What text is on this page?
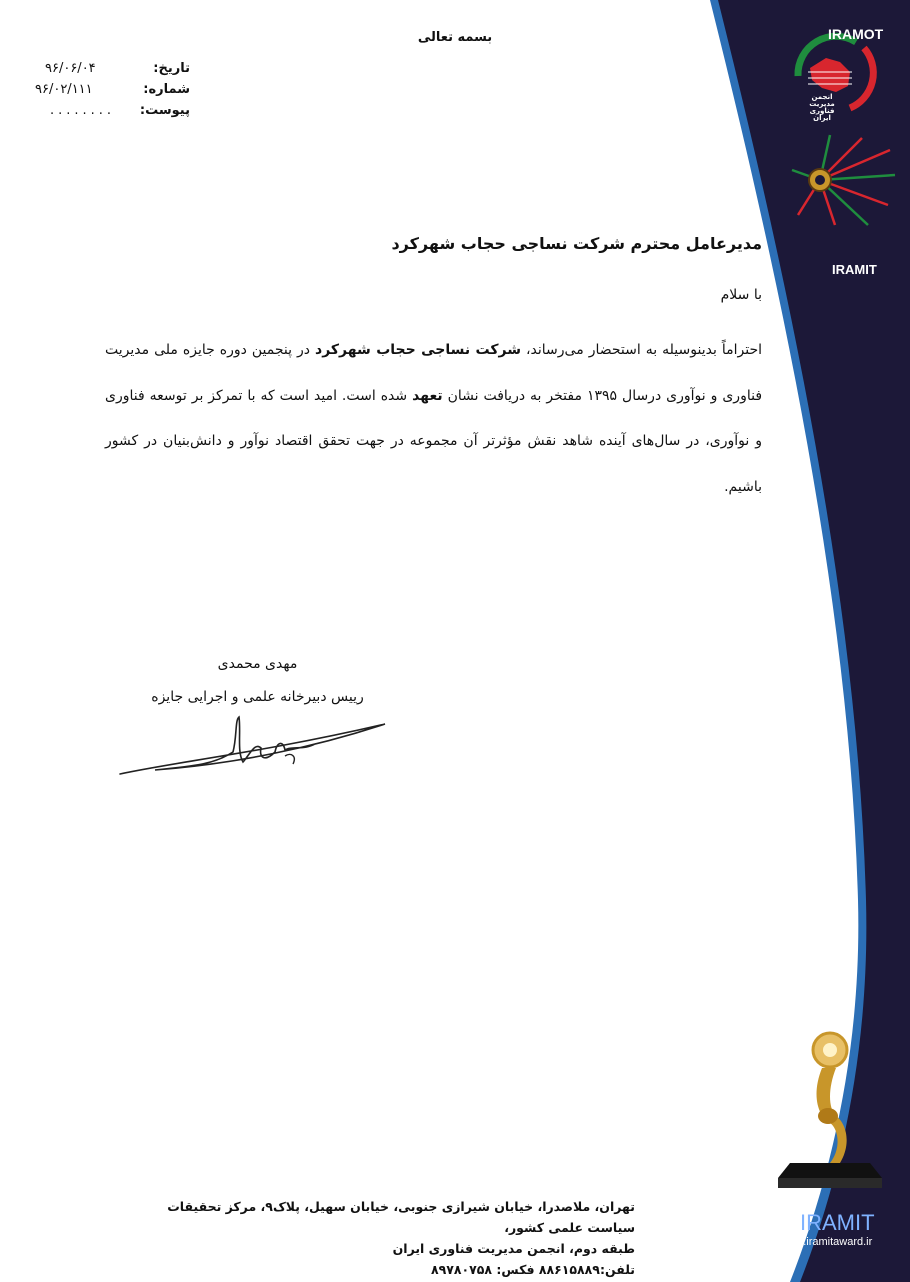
IRAMOT
انجمن
مدیریت فناوری
ایران
IRAMIT
IRAMIT
www.iramitaward.ir
بسمه تعالی
تاریخ:
۹۶/۰۶/۰۴
شماره:
۹۶/۰۲/۱۱۱
پیوست:
........
مدیرعامل محترم شرکت نساجی حجاب شهرکرد
با سلام
احتراماً بدینوسیله به استحضار می‌رساند، شرکت نساجی حجاب شهرکرد در پنجمین دوره جایزه ملی مدیریت فناوری و نوآوری درسال ۱۳۹۵ مفتخر به دریافت نشان تعهد شده است. امید است که با تمرکز بر توسعه فناوری و نوآوری، در سال‌های آینده شاهد نقش مؤثرتر آن مجموعه در جهت تحقق اقتصاد نوآور و دانش‌بنیان در کشور باشیم.
مهدی محمدی
رییس دبیرخانه علمی و اجرایی جایزه
تهران، ملاصدرا، خیابان شیرازی جنوبی، خیابان سهیل، پلاک۹، مرکز تحقیقات سیاست علمی کشور،
طبقه دوم، انجمن مدیریت فناوری ایران
تلفن:۸۸۶۱۵۸۸۹ فکس: ۸۹۷۸۰۷۵۸
